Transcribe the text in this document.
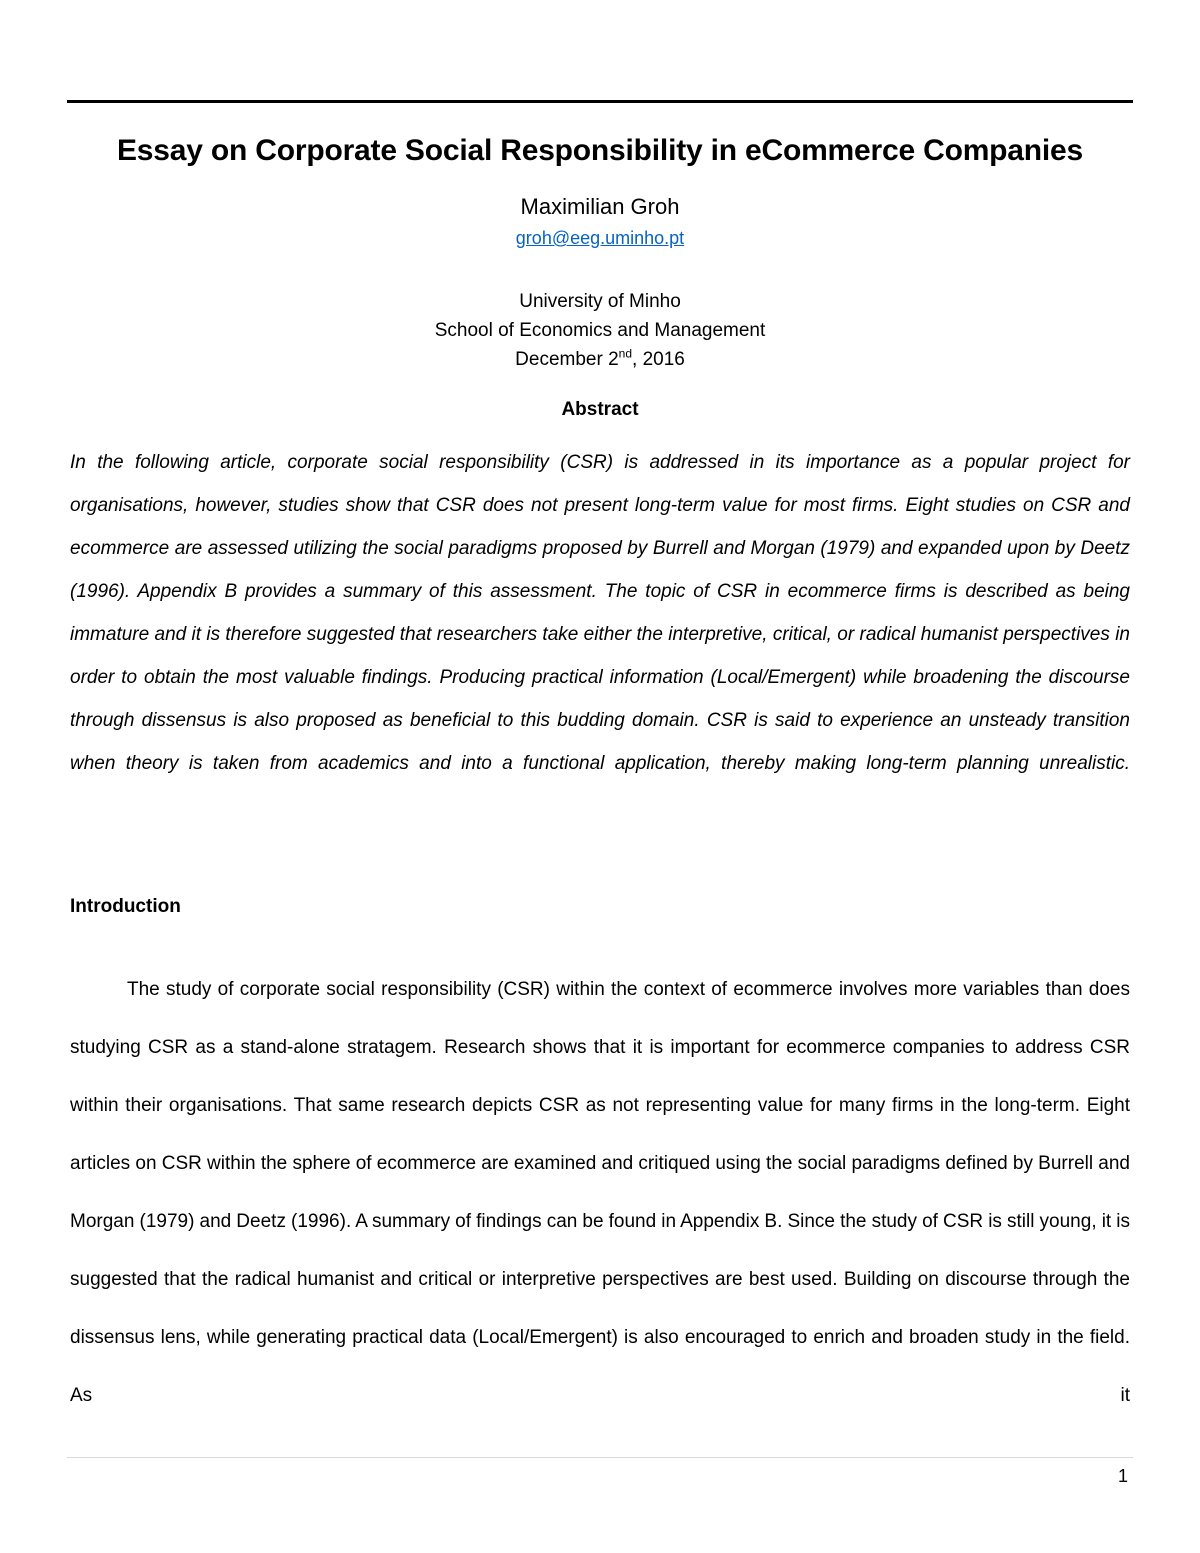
Essay on Corporate Social Responsibility in eCommerce Companies
Maximilian Groh
groh@eeg.uminho.pt
University of Minho
School of Economics and Management
December 2nd, 2016
Abstract

In the following article, corporate social responsibility (CSR) is addressed in its importance as a popular project for organisations, however, studies show that CSR does not present long-term value for most firms. Eight studies on CSR and ecommerce are assessed utilizing the social paradigms proposed by Burrell and Morgan (1979) and expanded upon by Deetz (1996). Appendix B provides a summary of this assessment. The topic of CSR in ecommerce firms is described as being immature and it is therefore suggested that researchers take either the interpretive, critical, or radical humanist perspectives in order to obtain the most valuable findings. Producing practical information (Local/Emergent) while broadening the discourse through dissensus is also proposed as beneficial to this budding domain. CSR is said to experience an unsteady transition when theory is taken from academics and into a functional application, thereby making long-term planning unrealistic.

Introduction

The study of corporate social responsibility (CSR) within the context of ecommerce involves more variables than does studying CSR as a stand-alone stratagem. Research shows that it is important for ecommerce companies to address CSR within their organisations. That same research depicts CSR as not representing value for many firms in the long-term. Eight articles on CSR within the sphere of ecommerce are examined and critiqued using the social paradigms defined by Burrell and Morgan (1979) and Deetz (1996). A summary of findings can be found in Appendix B. Since the study of CSR is still young, it is suggested that the radical humanist and critical or interpretive perspectives are best used. Building on discourse through the dissensus lens, while generating practical data (Local/Emergent) is also encouraged to enrich and broaden study in the field. As it

1
